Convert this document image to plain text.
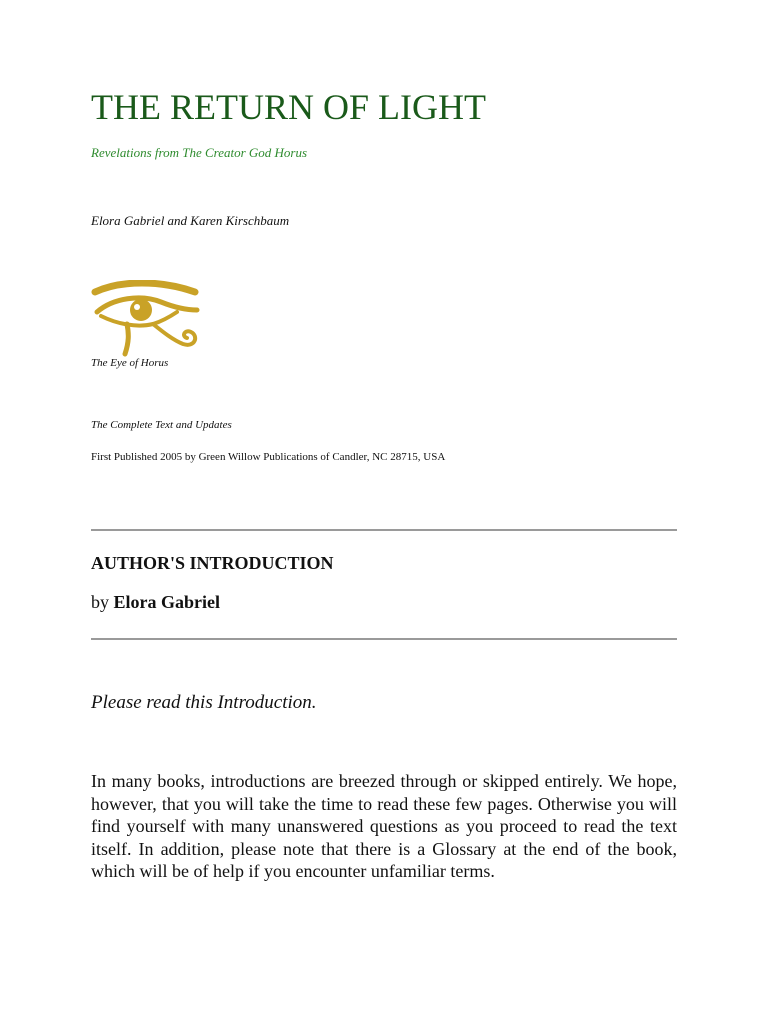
THE RETURN OF LIGHT
Revelations from The Creator God Horus
Elora Gabriel and Karen Kirschbaum
The Eye of Horus
The Complete Text and Updates
First Published 2005 by Green Willow Publications of Candler, NC 28715, USA
AUTHOR'S INTRODUCTION
by Elora Gabriel
Please read this Introduction.

In many books, introductions are breezed through or skipped entirely. We hope, however, that you will take the time to read these few pages. Otherwise you will find yourself with many unanswered questions as you proceed to read the text itself. In addition, please note that there is a Glossary at the end of the book, which will be of help if you encounter unfamiliar terms.
